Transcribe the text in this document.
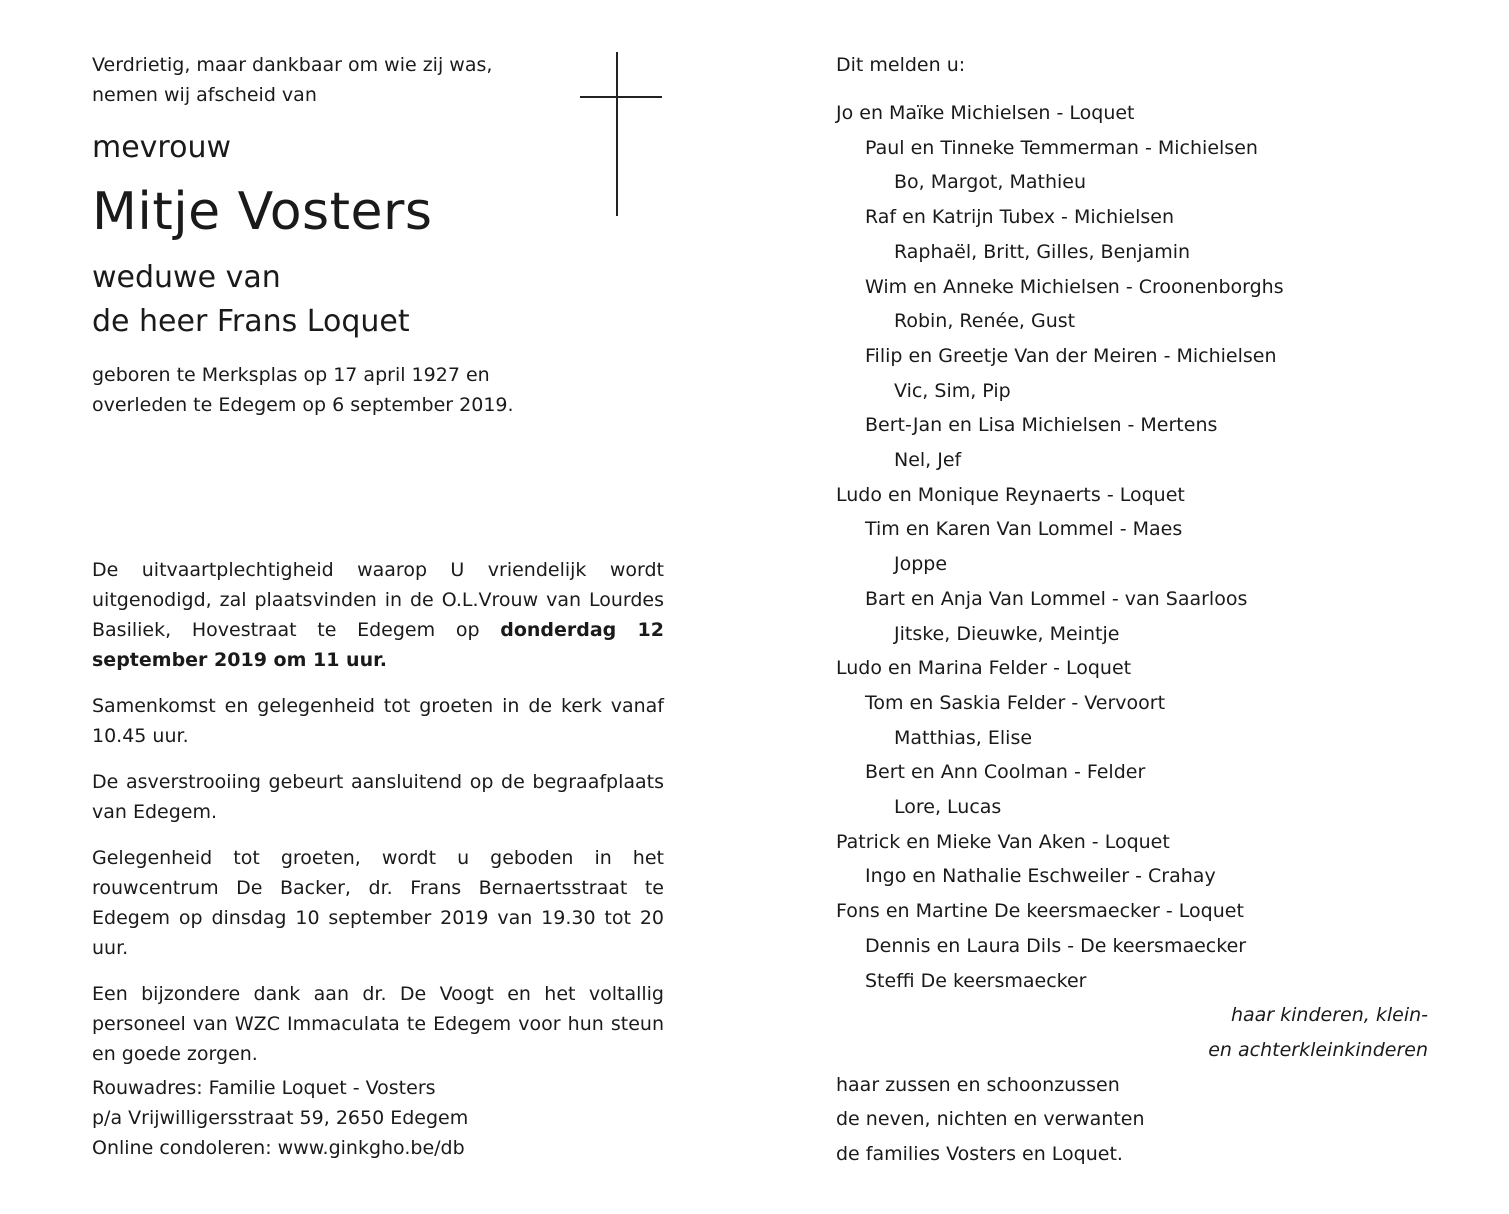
Verdrietig, maar dankbaar om wie zij was,
nemen wij afscheid van
mevrouw
Mitje Vosters
weduwe van
de heer Frans Loquet
geboren te Merksplas op 17 april 1927 en
overleden te Edegem op 6 september 2019.

De uitvaartplechtigheid waarop U vriendelijk wordt uitgenodigd, zal plaatsvinden in de O.L.Vrouw van Lourdes Basiliek, Hovestraat te Edegem op donderdag 12 september 2019 om 11 uur.

Samenkomst en gelegenheid tot groeten in de kerk vanaf 10.45 uur.

De asverstrooiing gebeurt aansluitend op de begraafplaats van Edegem.

Gelegenheid tot groeten, wordt u geboden in het rouwcentrum De Backer, dr. Frans Bernaertsstraat te Edegem op dinsdag 10 september 2019 van 19.30 tot 20 uur.

Een bijzondere dank aan dr. De Voogt en het voltallig personeel van WZC Immaculata te Edegem voor hun steun en goede zorgen.

Rouwadres: Familie Loquet - Vosters
p/a Vrijwilligersstraat 59, 2650 Edegem
Online condoleren: www.ginkgho.be/db
Dit melden u:
Jo en Maïke Michielsen - Loquet
Paul en Tinneke Temmerman - Michielsen
Bo, Margot, Mathieu
Raf en Katrijn Tubex - Michielsen
Raphaël, Britt, Gilles, Benjamin
Wim en Anneke Michielsen - Croonenborghs
Robin, Renée, Gust
Filip en Greetje Van der Meiren - Michielsen
Vic, Sim, Pip
Bert-Jan en Lisa Michielsen - Mertens
Nel, Jef
Ludo en Monique Reynaerts - Loquet
Tim en Karen Van Lommel - Maes
Joppe
Bart en Anja Van Lommel - van Saarloos
Jitske, Dieuwke, Meintje
Ludo en Marina Felder - Loquet
Tom en Saskia Felder - Vervoort
Matthias, Elise
Bert en Ann Coolman - Felder
Lore, Lucas
Patrick en Mieke Van Aken - Loquet
Ingo en Nathalie Eschweiler - Crahay
Fons en Martine De keersmaecker - Loquet
Dennis en Laura Dils - De keersmaecker
Steffi De keersmaecker
haar kinderen, klein-
en achterkleinkinderen
haar zussen en schoonzussen
de neven, nichten en verwanten
de families Vosters en Loquet.
